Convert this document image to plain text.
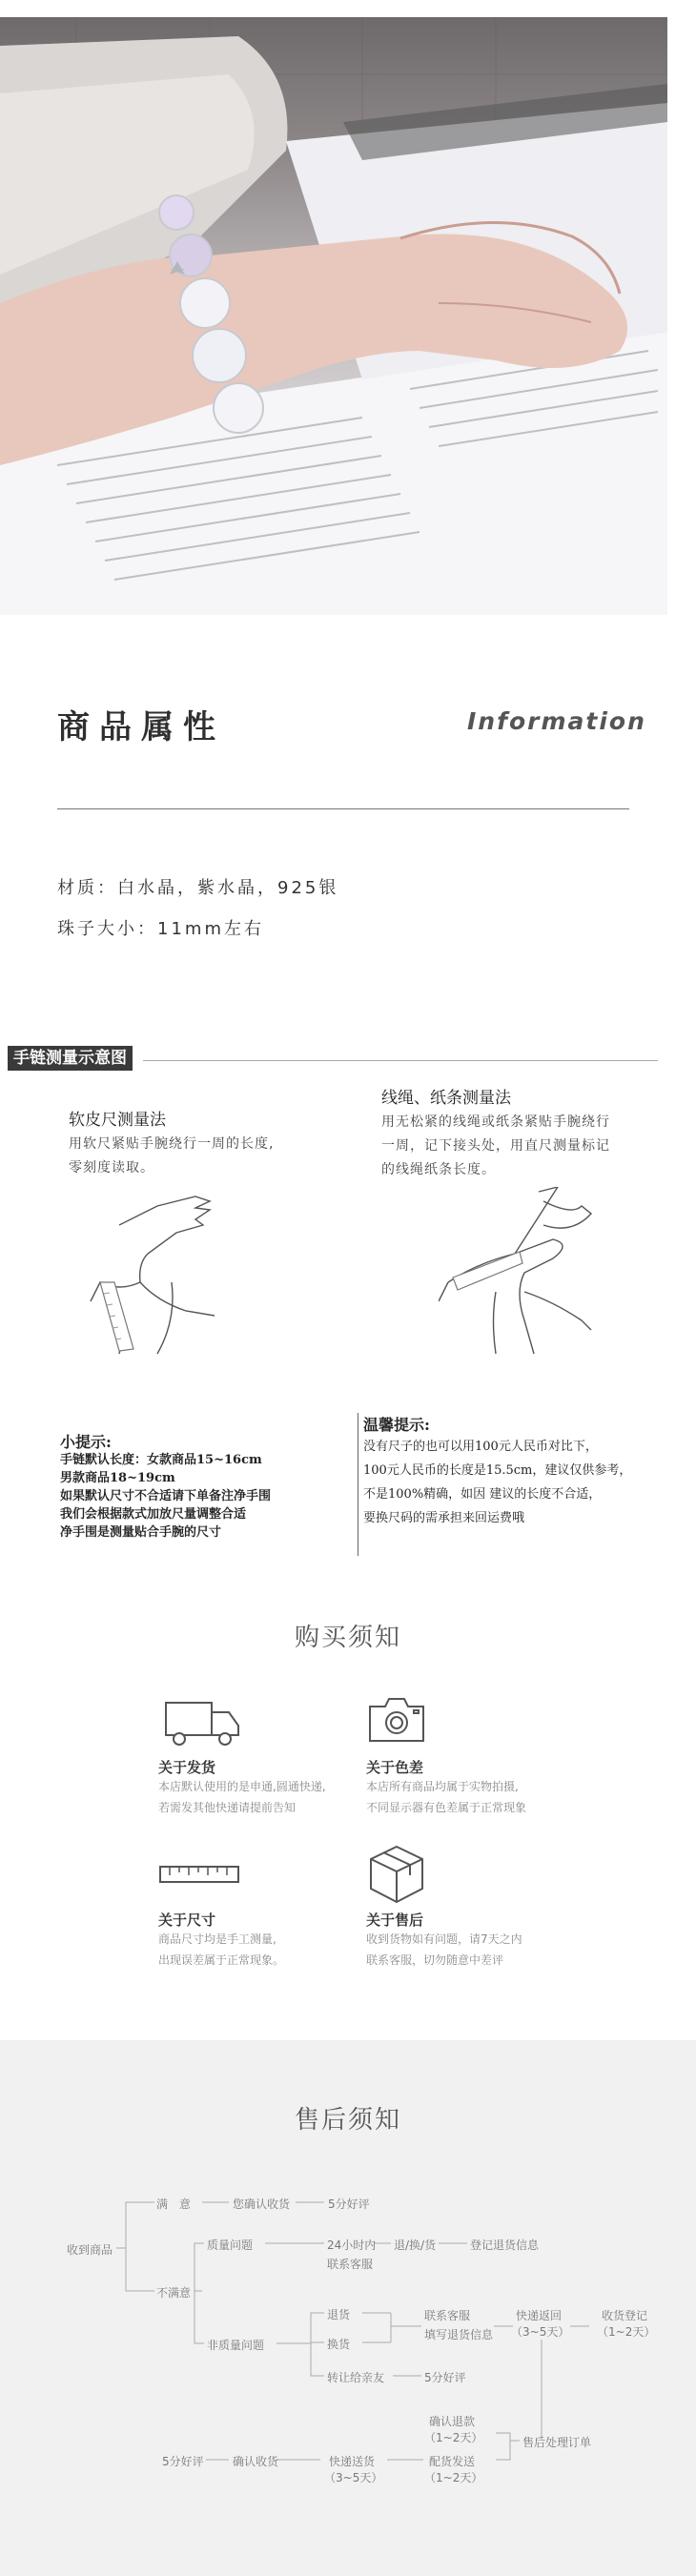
商品属性	Information
材质：白水晶，紫水晶，925银
珠子大小：11mm左右
手链测量示意图
软皮尺测量法
用软尺紧贴手腕绕行一周的长度,
零刻度读取。
线绳、纸条测量法
用无松紧的线绳或纸条紧贴手腕绕行
一周，记下接头处，用直尺测量标记
的线绳纸条长度。
小提示:
手链默认长度：女款商品15~16cm
男款商品18~19cm
如果默认尺寸不合适请下单备注净手围
我们会根据款式加放尺量调整合适
净手围是测量贴合手腕的尺寸
温馨提示:
没有尺子的也可以用100元人民币对比下，
100元人民币的长度是15.5cm，建议仅供参考，
不是100%精确，如因 建议的长度不合适，
要换尺码的需承担来回运费哦
购买须知
关于发货
本店默认使用的是申通,圆通快递,
若需发其他快递请提前告知
关于色差
本店所有商品均属于实物拍摄,
不同显示器有色差属于正常现象
关于尺寸
商品尺寸均是手工测量,
出现误差属于正常现象。
关于售后
收到货物如有问题，请7天之内
联系客服，切勿随意中差评
售后须知
收到商品
满　意	您确认收货	5分好评
不满意
质量问题	24小时内
联系客服
退/换/货	登记退货信息
非质量问题
退货
换货
转让给亲友	5分好评
联系客服
填写退货信息
快递返回
（3~5天）
收货登记
（1~2天）
确认退款
（1~2天）	售后处理订单
5分好评	确认收货	快递送货
（3~5天）
配货发送
（1~2天）
